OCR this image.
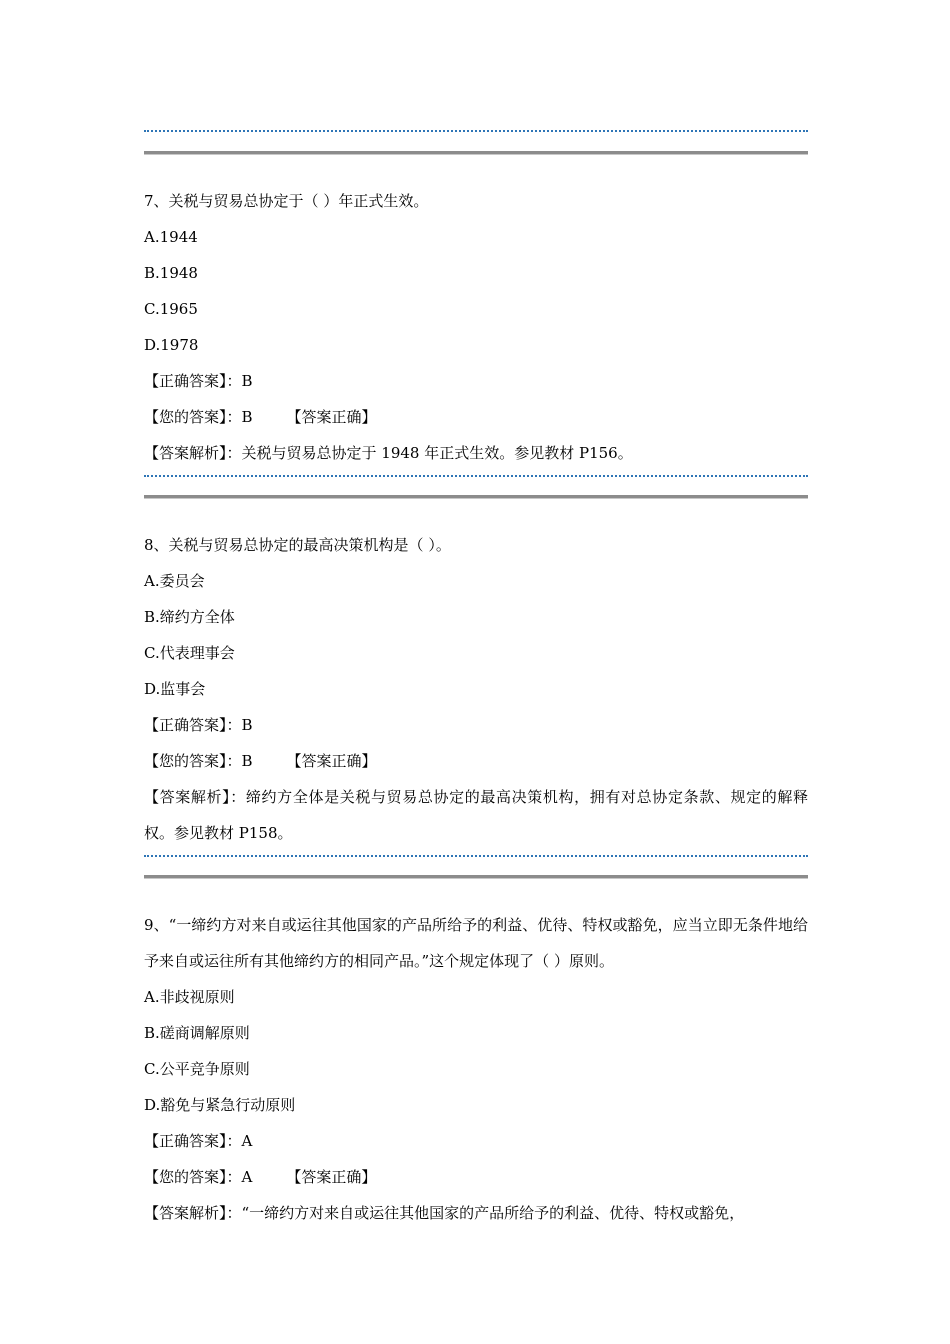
7、关税与贸易总协定于（ ）年正式生效。
A.1944
B.1948
C.1965
D.1978
【正确答案】：B
【您的答案】：B 【答案正确】
【答案解析】：关税与贸易总协定于 1948 年正式生效。参见教材 P156。
8、关税与贸易总协定的最高决策机构是（ ）。
A.委员会
B.缔约方全体
C.代表理事会
D.监事会
【正确答案】：B
【您的答案】：B 【答案正确】
【答案解析】：缔约方全体是关税与贸易总协定的最高决策机构，拥有对总协定条款、规定的解释权。参见教材 P158。
9、“一缔约方对来自或运往其他国家的产品所给予的利益、优待、特权或豁免，应当立即无条件地给予来自或运往所有其他缔约方的相同产品。”这个规定体现了（ ）原则。
A.非歧视原则
B.磋商调解原则
C.公平竞争原则
D.豁免与紧急行动原则
【正确答案】：A
【您的答案】：A 【答案正确】
【答案解析】：“一缔约方对来自或运往其他国家的产品所给予的利益、优待、特权或豁免，
